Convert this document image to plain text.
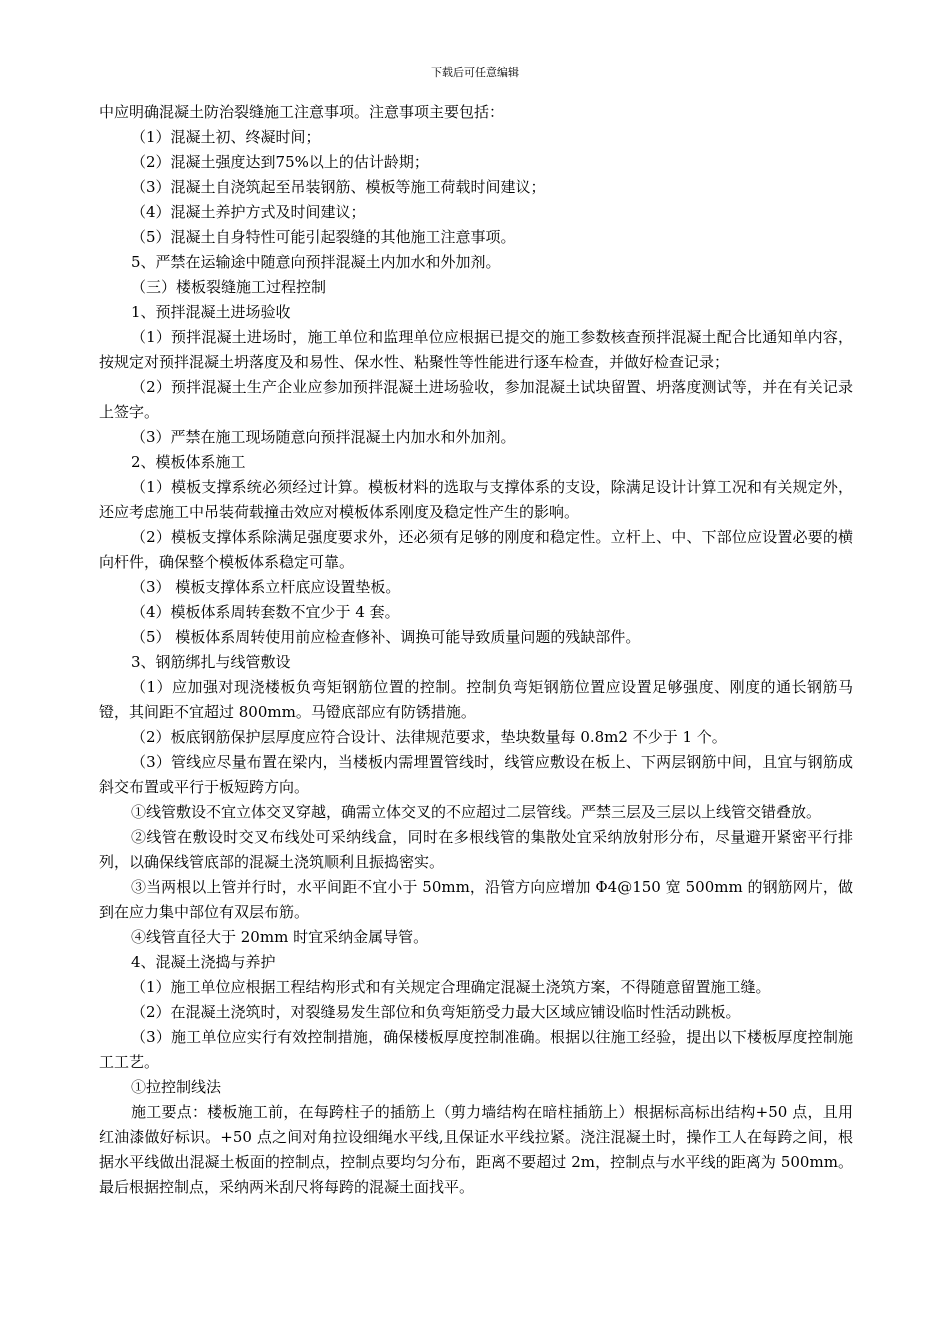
下载后可任意编辑

中应明确混凝土防治裂缝施工注意事项。注意事项主要包括：

（1）混凝土初、终凝时间；

（2）混凝土强度达到75%以上的估计龄期；

（3）混凝土自浇筑起至吊装钢筋、模板等施工荷载时间建议；

（4）混凝土养护方式及时间建议；

（5）混凝土自身特性可能引起裂缝的其他施工注意事项。

5、严禁在运输途中随意向预拌混凝土内加水和外加剂。

（三）楼板裂缝施工过程控制

1、预拌混凝土进场验收

（1）预拌混凝土进场时，施工单位和监理单位应根据已提交的施工参数核查预拌混凝土配合比通知单内容，按规定对预拌混凝土坍落度及和易性、保水性、粘聚性等性能进行逐车检查，并做好检查记录；

（2）预拌混凝土生产企业应参加预拌混凝土进场验收，参加混凝土试块留置、坍落度测试等，并在有关记录上签字。

（3）严禁在施工现场随意向预拌混凝土内加水和外加剂。

2、模板体系施工

（1）模板支撑系统必须经过计算。模板材料的选取与支撑体系的支设，除满足设计计算工况和有关规定外，还应考虑施工中吊装荷载撞击效应对模板体系刚度及稳定性产生的影响。

（2）模板支撑体系除满足强度要求外，还必须有足够的刚度和稳定性。立杆上、中、下部位应设置必要的横向杆件，确保整个模板体系稳定可靠。

（3） 模板支撑体系立杆底应设置垫板。

（4）模板体系周转套数不宜少于 4 套。

（5） 模板体系周转使用前应检查修补、调换可能导致质量问题的残缺部件。

3、钢筋绑扎与线管敷设

（1）应加强对现浇楼板负弯矩钢筋位置的控制。控制负弯矩钢筋位置应设置足够强度、刚度的通长钢筋马镫，其间距不宜超过 800mm。马镫底部应有防锈措施。

（2）板底钢筋保护层厚度应符合设计、法律规范要求，垫块数量每 0.8m2 不少于 1 个。

（3）管线应尽量布置在梁内，当楼板内需埋置管线时，线管应敷设在板上、下两层钢筋中间，且宜与钢筋成斜交布置或平行于板短跨方向。

①线管敷设不宜立体交叉穿越，确需立体交叉的不应超过二层管线。严禁三层及三层以上线管交错叠放。

②线管在敷设时交叉布线处可采纳线盒，同时在多根线管的集散处宜采纳放射形分布，尽量避开紧密平行排列，以确保线管底部的混凝土浇筑顺利且振捣密实。

③当两根以上管并行时，水平间距不宜小于 50mm，沿管方向应增加 Φ4@150 宽 500mm 的钢筋网片，做到在应力集中部位有双层布筋。

④线管直径大于 20mm 时宜采纳金属导管。

4、混凝土浇捣与养护

（1）施工单位应根据工程结构形式和有关规定合理确定混凝土浇筑方案，不得随意留置施工缝。

（2）在混凝土浇筑时，对裂缝易发生部位和负弯矩筋受力最大区域应铺设临时性活动跳板。

（3）施工单位应实行有效控制措施，确保楼板厚度控制准确。根据以往施工经验，提出以下楼板厚度控制施工工艺。

①拉控制线法

施工要点：楼板施工前，在每跨柱子的插筋上（剪力墙结构在暗柱插筋上）根据标高标出结构+50 点，且用红油漆做好标识。+50 点之间对角拉设细绳水平线,且保证水平线拉紧。浇注混凝土时，操作工人在每跨之间，根据水平线做出混凝土板面的控制点，控制点要均匀分布，距离不要超过 2m，控制点与水平线的距离为 500mm。最后根据控制点，采纳两米刮尺将每跨的混凝土面找平。
